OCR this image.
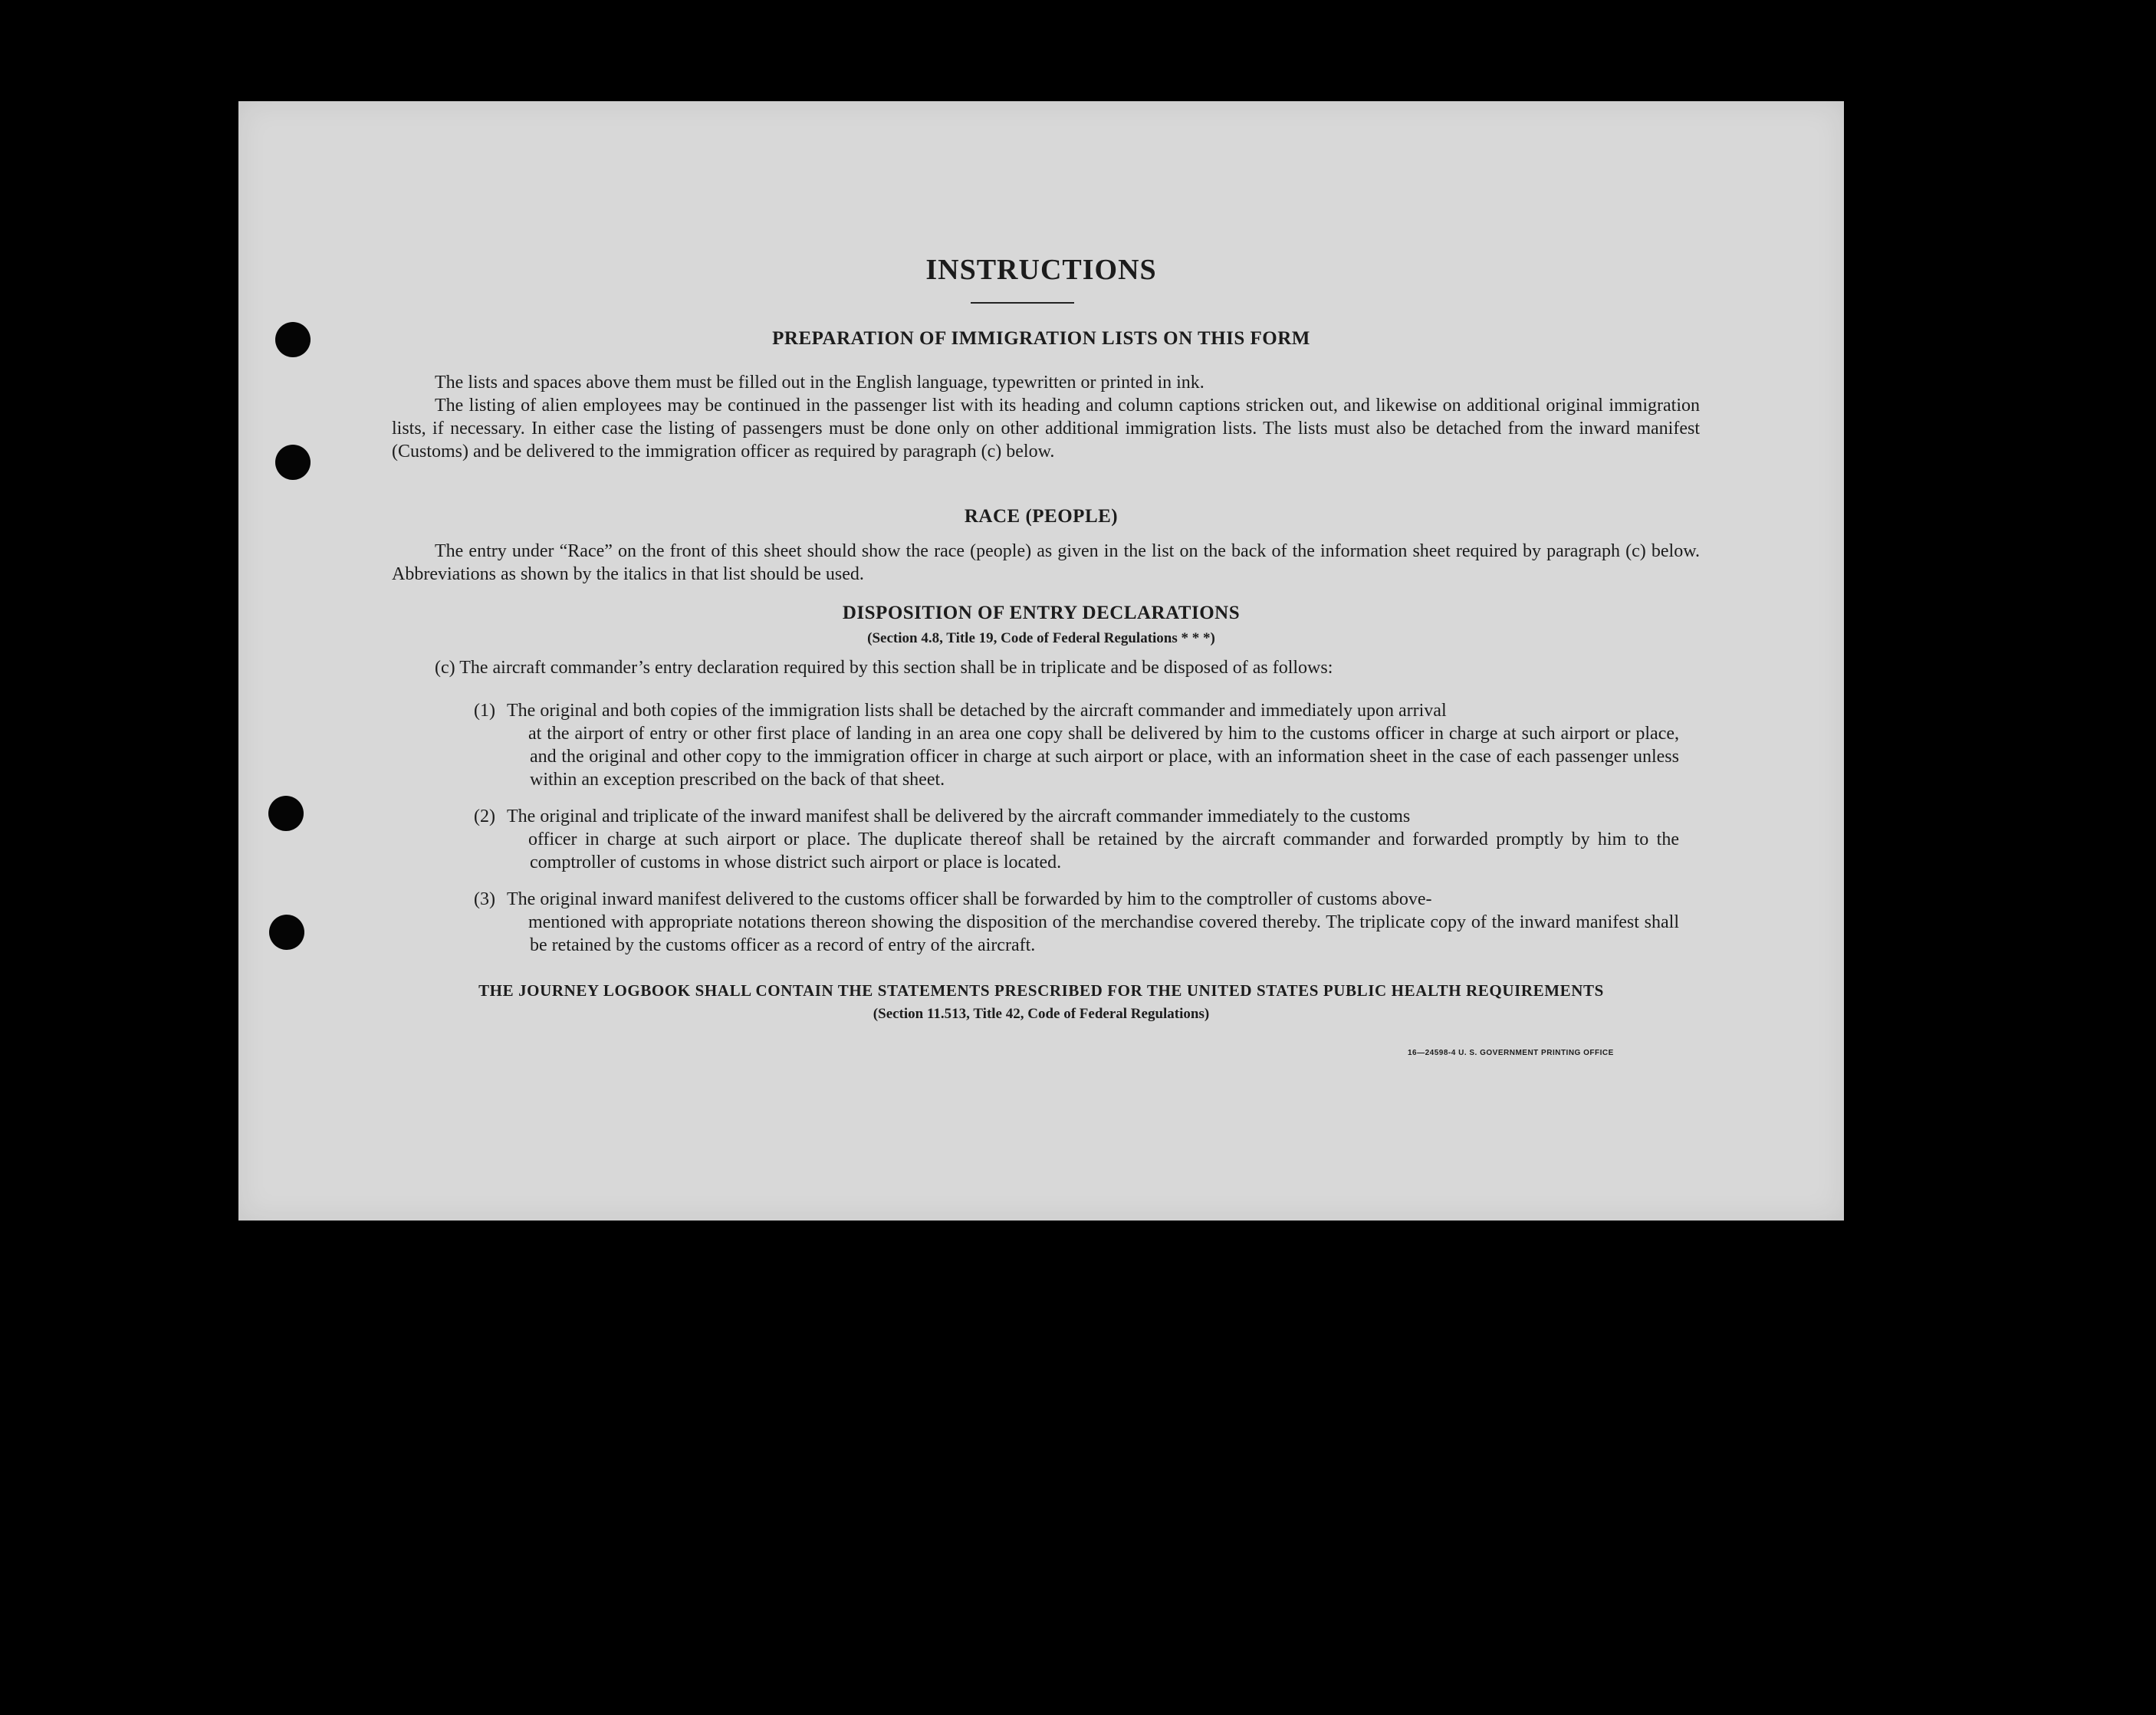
INSTRUCTIONS
PREPARATION OF IMMIGRATION LISTS ON THIS FORM
The lists and spaces above them must be filled out in the English language, typewritten or printed in ink.
The listing of alien employees may be continued in the passenger list with its heading and column captions stricken out, and likewise on additional original immigration lists, if necessary. In either case the listing of passengers must be done only on other additional immigration lists. The lists must also be detached from the inward manifest (Customs) and be delivered to the immigration officer as required by paragraph (c) below.
RACE (PEOPLE)
The entry under “Race” on the front of this sheet should show the race (people) as given in the list on the back of the information sheet required by paragraph (c) below. Abbreviations as shown by the italics in that list should be used.
DISPOSITION OF ENTRY DECLARATIONS
(Section 4.8, Title 19, Code of Federal Regulations * * *)
(c) The aircraft commander’s entry declaration required by this section shall be in triplicate and be disposed of as follows:
(1) The original and both copies of the immigration lists shall be detached by the aircraft commander and immediately upon arrival
at the airport of entry or other first place of landing in an area one copy shall be delivered by him to the customs officer in charge at such airport or place, and the original and other copy to the immigration officer in charge at such airport or place, with an information sheet in the case of each passenger unless within an exception prescribed on the back of that sheet.
(2) The original and triplicate of the inward manifest shall be delivered by the aircraft commander immediately to the customs
officer in charge at such airport or place. The duplicate thereof shall be retained by the aircraft commander and forwarded promptly by him to the comptroller of customs in whose district such airport or place is located.
(3) The original inward manifest delivered to the customs officer shall be forwarded by him to the comptroller of customs above-
mentioned with appropriate notations thereon showing the disposition of the merchandise covered thereby. The triplicate copy of the inward manifest shall be retained by the customs officer as a record of entry of the aircraft.
THE JOURNEY LOGBOOK SHALL CONTAIN THE STATEMENTS PRESCRIBED FOR THE UNITED STATES PUBLIC HEALTH REQUIREMENTS
(Section 11.513, Title 42, Code of Federal Regulations)
16—24598-4 U. S. GOVERNMENT PRINTING OFFICE
